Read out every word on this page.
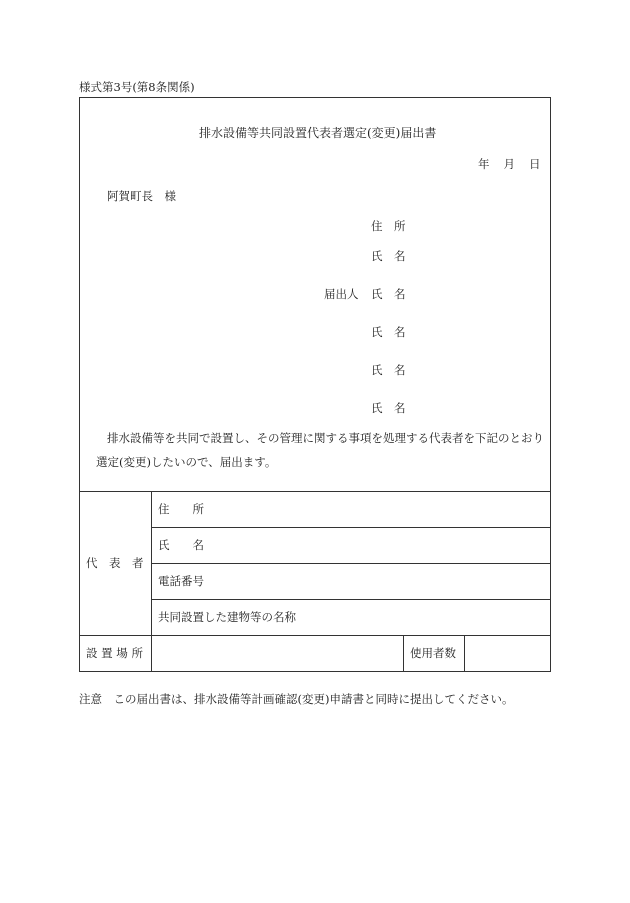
様式第3号(第8条関係)
排水設備等共同設置代表者選定(変更)届出書
年 月 日
阿賀町長　様
住　所
氏　名
届出人 氏　名
氏　名
氏　名
氏　名
排水設備等を共同で設置し、その管理に関する事項を処理する代表者を下記のとおり
選定(変更)したいので、届出ます。
代　表　者
住　　所
氏　　名
電話番号
共同設置した建物等の名称
設 置 場 所	使用者数
注意　この届出書は、排水設備等計画確認(変更)申請書と同時に提出してください。
